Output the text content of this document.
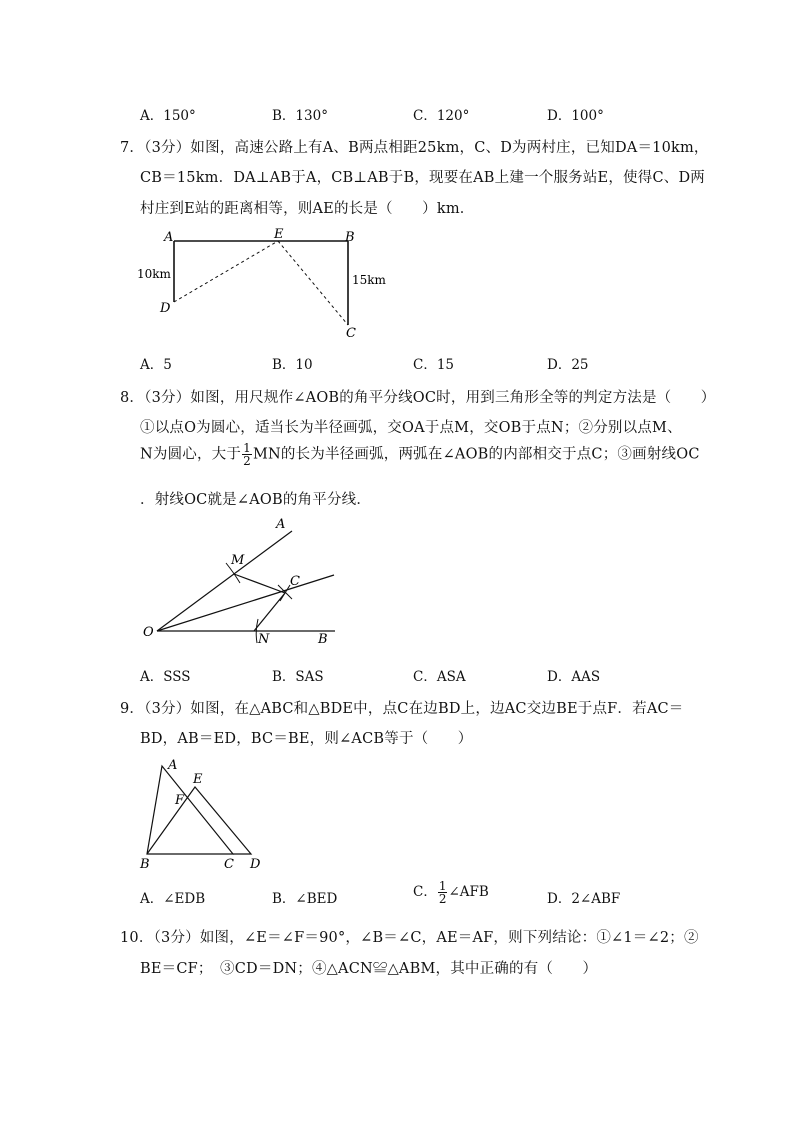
A．150°	B．130°	C．120°	D．100°
7．（3分）如图，高速公路上有A、B两点相距25km，C、D为两村庄，已知DA＝10km，
CB＝15km．DA⊥AB于A，CB⊥AB于B，现要在AB上建一个服务站E，使得C、D两
村庄到E站的距离相等，则AE的长是（　　）km．
A	E	B
D
C
10km	15km
A．5	B．10	C．15	D．25
8．（3分）如图，用尺规作∠AOB的角平分线OC时，用到三角形全等的判定方法是（　　）
①以点O为圆心，适当长为半径画弧，交OA于点M，交OB于点N；②分别以点M、
N为圆心，大于 $\frac{1}{2}$ MN的长为半径画弧，两弧在∠AOB的内部相交于点C；③画射线OC
．射线OC就是∠AOB的角平分线．
A
M
C
O	N	B
A．SSS	B．SAS	C．ASA	D．AAS
9．（3分）如图，在△ABC和△BDE中，点C在边BD上，边AC交边BE于点F．若AC＝
BD，AB＝ED，BC＝BE，则∠ACB等于（　　）
A
E
F
B	C D
A．∠EDB	B．∠BED	C． $\frac{1}{2}$ ∠AFB	D．2∠ABF
10．（3分）如图，∠E＝∠F＝90°，∠B＝∠C，AE＝AF，则下列结论：①∠1＝∠2；②
BE＝CF；　③CD＝DN；④△ACN≌△ABM，其中正确的有（　　）
